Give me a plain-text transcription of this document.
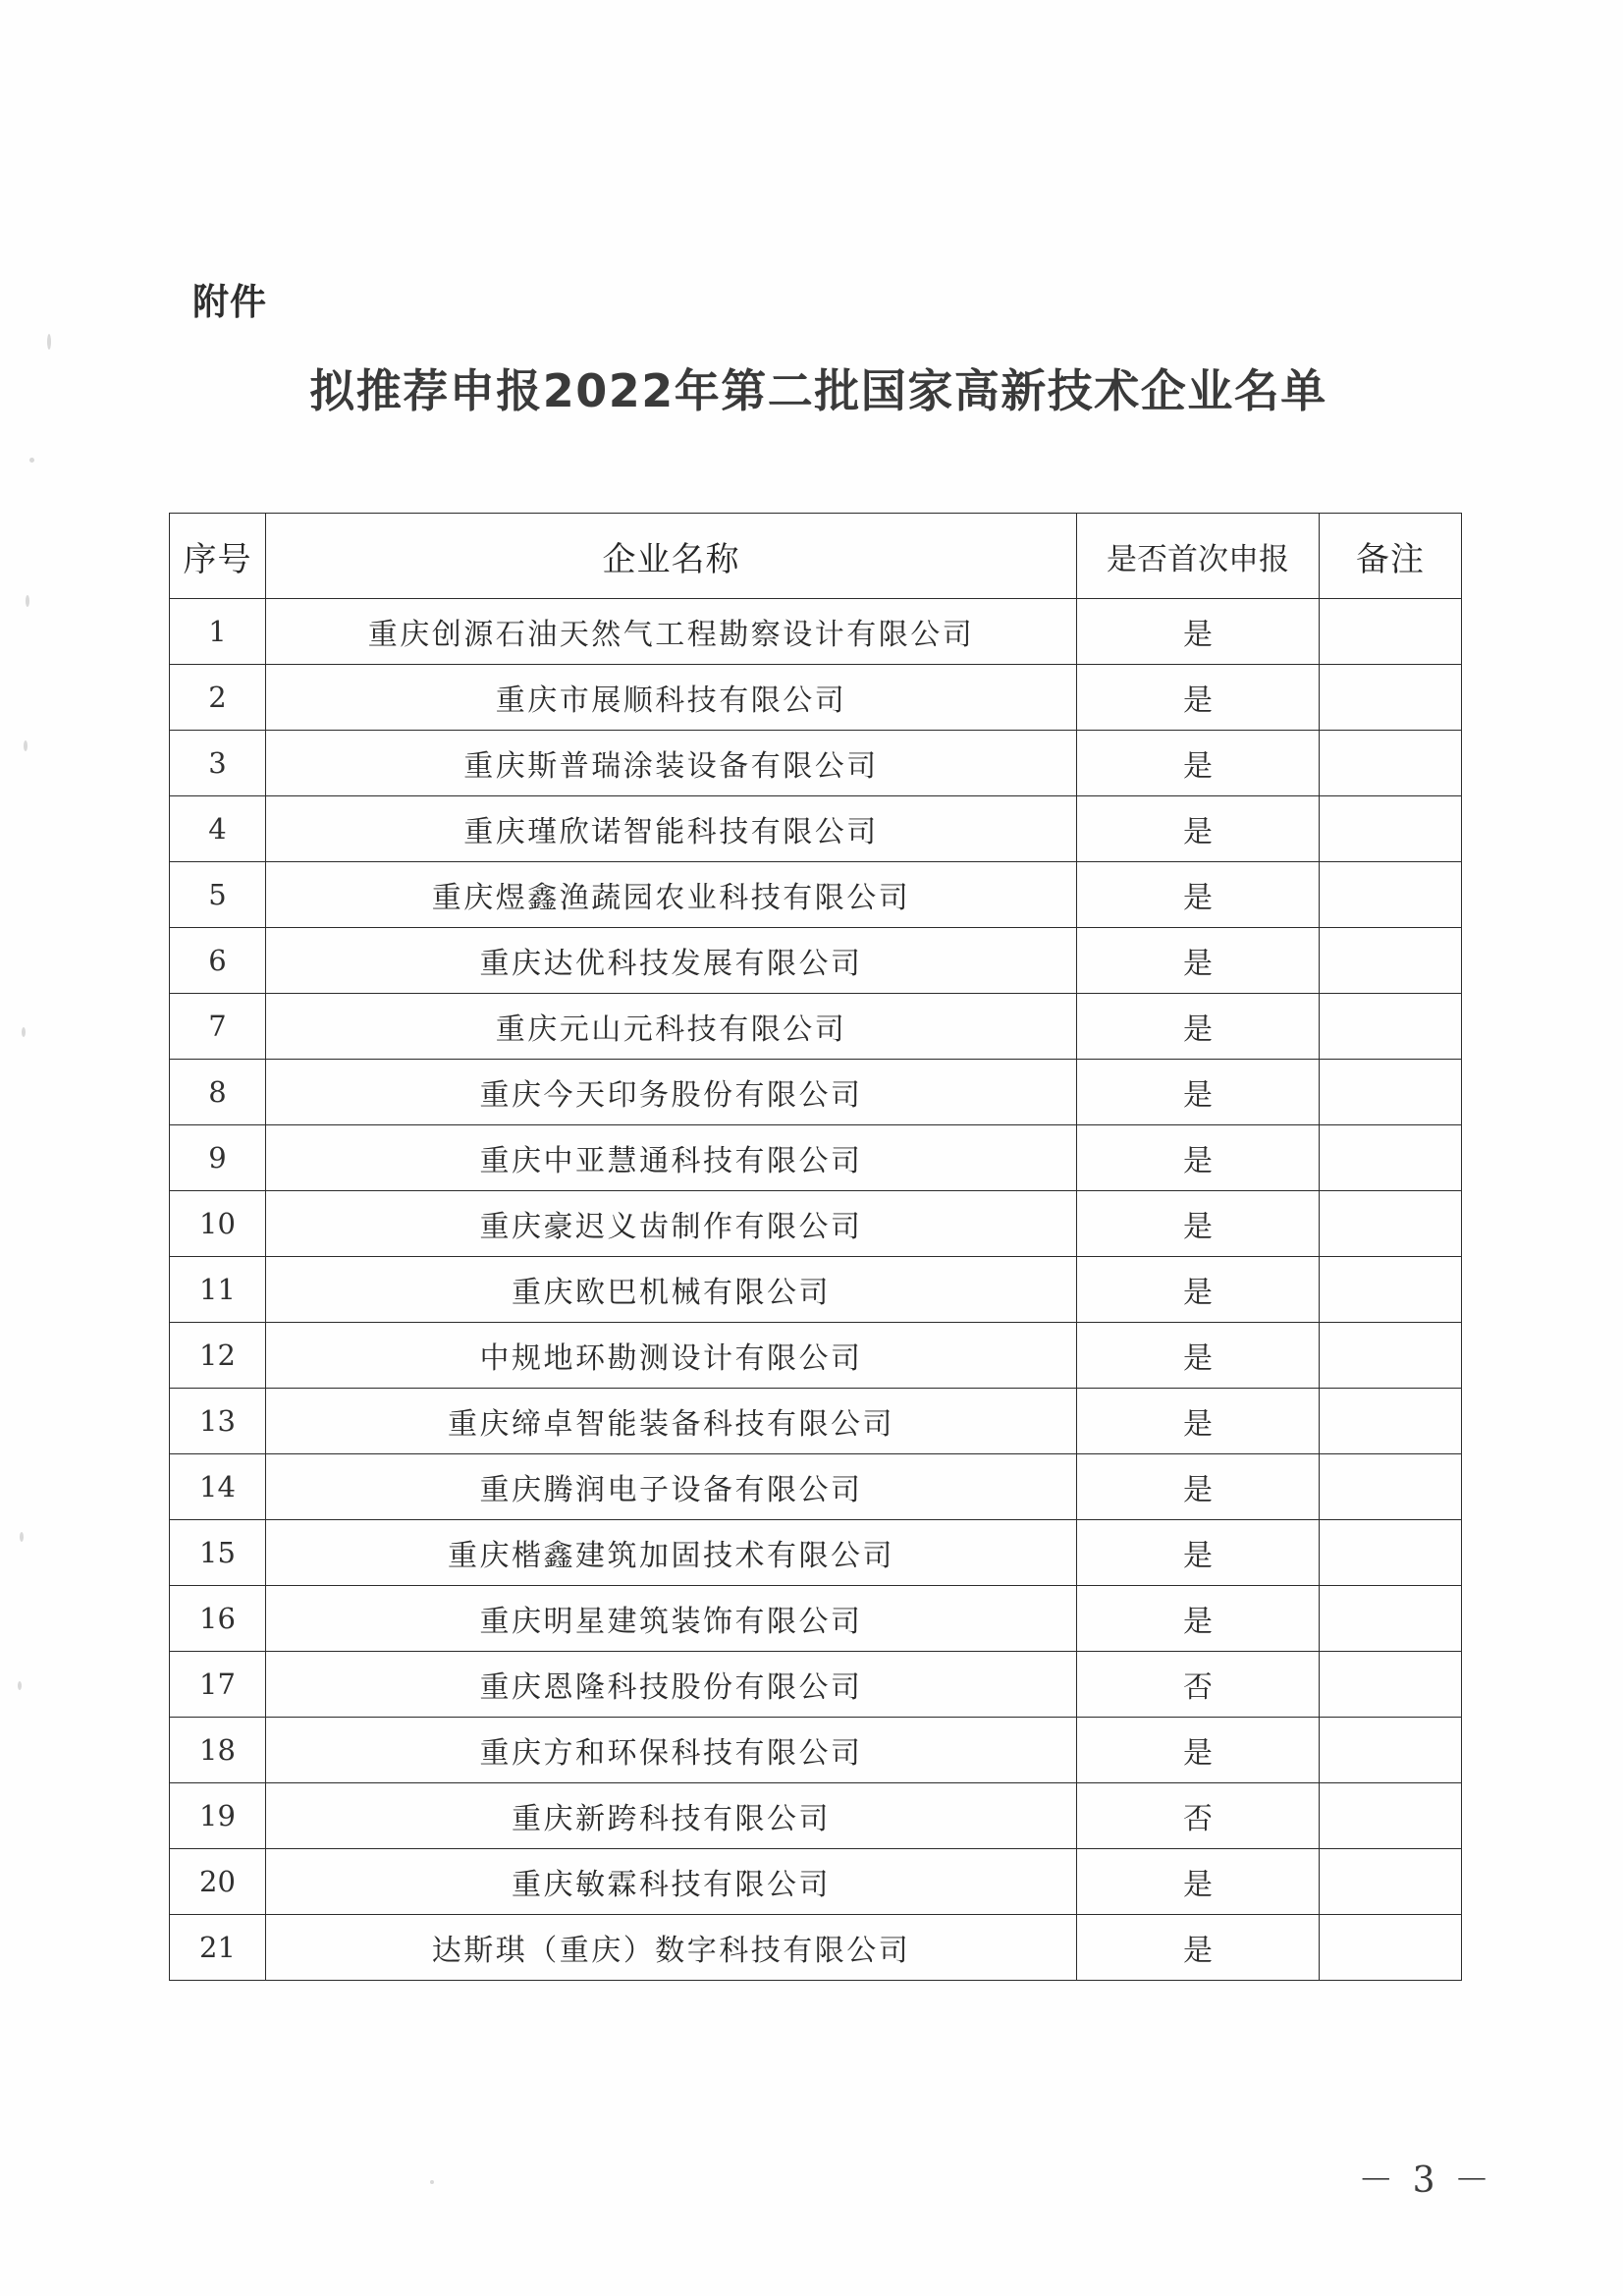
附件
拟推荐申报2022年第二批国家高新技术企业名单
序号	企业名称	是否首次申报	备注
1	重庆创源石油天然气工程勘察设计有限公司	是	
2	重庆市展顺科技有限公司	是	
3	重庆斯普瑞涂装设备有限公司	是	
4	重庆瑾欣诺智能科技有限公司	是	
5	重庆煜鑫渔蔬园农业科技有限公司	是	
6	重庆达优科技发展有限公司	是	
7	重庆元山元科技有限公司	是	
8	重庆今天印务股份有限公司	是	
9	重庆中亚慧通科技有限公司	是	
10	重庆豪迟义齿制作有限公司	是	
11	重庆欧巴机械有限公司	是	
12	中规地环勘测设计有限公司	是	
13	重庆缔卓智能装备科技有限公司	是	
14	重庆腾润电子设备有限公司	是	
15	重庆楷鑫建筑加固技术有限公司	是	
16	重庆明星建筑装饰有限公司	是	
17	重庆恩隆科技股份有限公司	否	
18	重庆方和环保科技有限公司	是	
19	重庆新跨科技有限公司	否	
20	重庆敏霖科技有限公司	是	
21	达斯琪（重庆）数字科技有限公司	是	
－ 3 －
